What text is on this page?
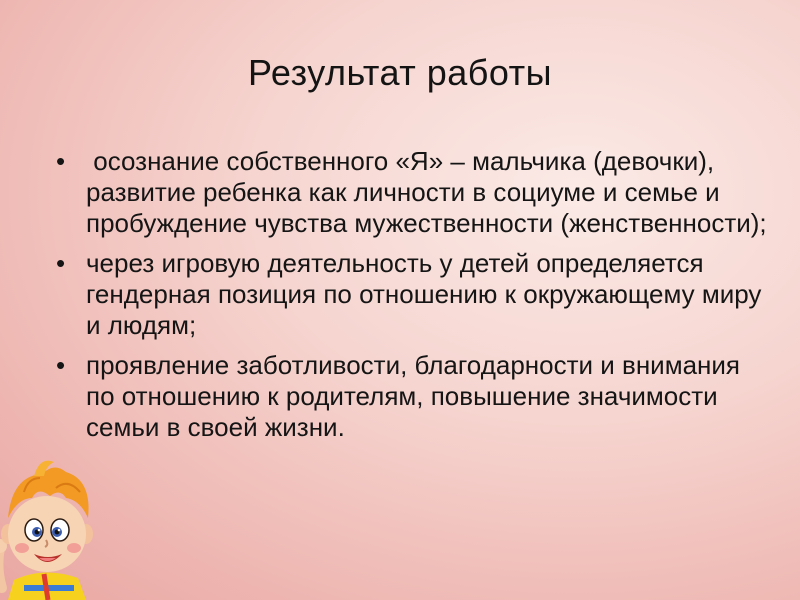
Результат работы
• осознание собственного «Я» – мальчика (девочки), развитие ребенка как личности в социуме и семье и пробуждение чувства мужественности (женственности);
• через игровую деятельность у детей определяется гендерная позиция по отношению к окружающему миру и людям;
• проявление заботливости, благодарности и внимания по отношению к родителям, повышение значимости семьи в своей жизни.
